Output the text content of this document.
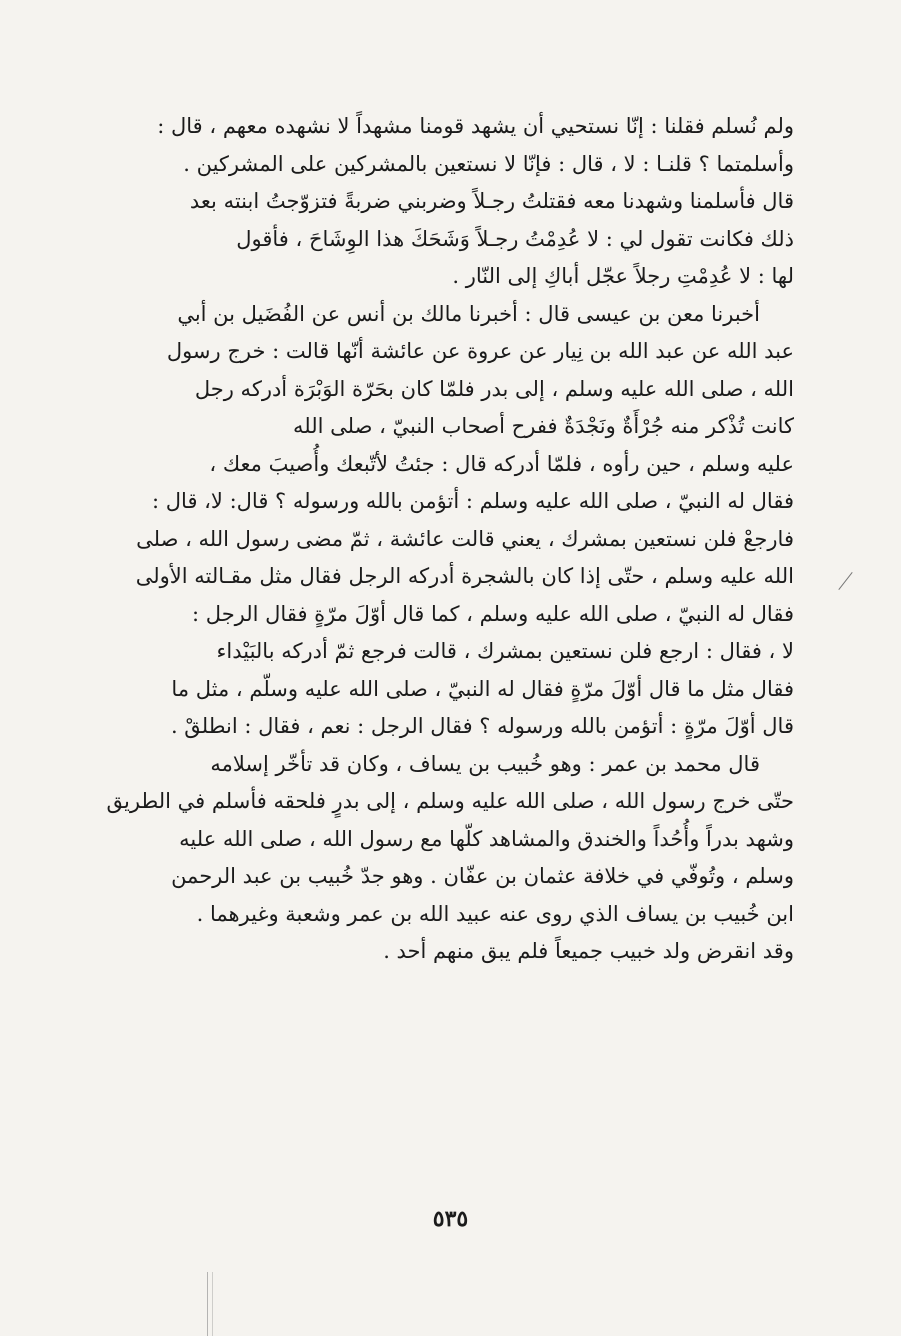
ولم نُسلم فقلنا : إنّا نستحيي أن يشهد قومنا مشهداً لا نشهده معهم ، قال :
وأسلمتما ؟ قلنـا : لا ، قال : فإنّا لا نستعين بالمشركين على المشركين .
قال فأسلمنا وشهدنا معه فقتلتُ رجـلاً وضربني ضربةً فتزوّجتُ ابنته بعد
ذلك فكانت تقول لي : لا عُدِمْتُ رجـلاً وَشَحَكَ هذا الوِشَاحَ ، فأقول
لها : لا عُدِمْتِ رجلاً عجّل أباكِ إلى النّار .

أخبرنا معن بن عيسى قال : أخبرنا مالك بن أنس عن الفُضَيل بن أبي
عبد الله عن عبد الله بن نِيار عن عروة عن عائشة أنّها قالت : خرج رسول
الله ، صلى الله عليه وسلم ، إلى بدر فلمّا كان بحَرّة الوَبْرَة أدركه رجل
كانت تُذْكر منه جُرْأَةٌ ونَجْدَةٌ ففرح أصحاب النبيّ ، صلى الله
عليه وسلم ، حين رأوه ، فلمّا أدركه قال : جئتُ لأتّبعك وأُصيبَ معك ،
فقال له النبيّ ، صلى الله عليه وسلم : أتؤمن بالله ورسوله ؟ قال: لا، قال :
فارجعْ فلن نستعين بمشرك ، يعني قالت عائشة ، ثمّ مضى رسول الله ، صلى
الله عليه وسلم ، حتّى إذا كان بالشجرة أدركه الرجل فقال مثل مقـالته الأولى
فقال له النبيّ ، صلى الله عليه وسلم ، كما قال أوّلَ مرّةٍ فقال الرجل :
لا ، فقال : ارجع فلن نستعين بمشرك ، قالت فرجع ثمّ أدركه بالبَيْداء
فقال مثل ما قال أوّلَ مرّةٍ فقال له النبيّ ، صلى الله عليه وسلّم ، مثل ما
قال أوّلَ مرّةٍ : أتؤمن بالله ورسوله ؟ فقال الرجل : نعم ، فقال : انطلقْ .

قال محمد بن عمر : وهو خُبيب بن يساف ، وكان قد تأخّر إسلامه
حتّى خرج رسول الله ، صلى الله عليه وسلم ، إلى بدرٍ فلحقه فأسلم في الطريق
وشهد بدراً وأُحُداً والخندق والمشاهد كلّها مع رسول الله ، صلى الله عليه
وسلم ، وتُوفّي في خلافة عثمان بن عفّان . وهو جدّ خُبيب بن عبد الرحمن
ابن خُبيب بن يساف الذي روى عنه عبيد الله بن عمر وشعبة وغيرهما .
وقد انقرض ولد خبيب جميعاً فلم يبق منهم أحد .

٥٣٥
